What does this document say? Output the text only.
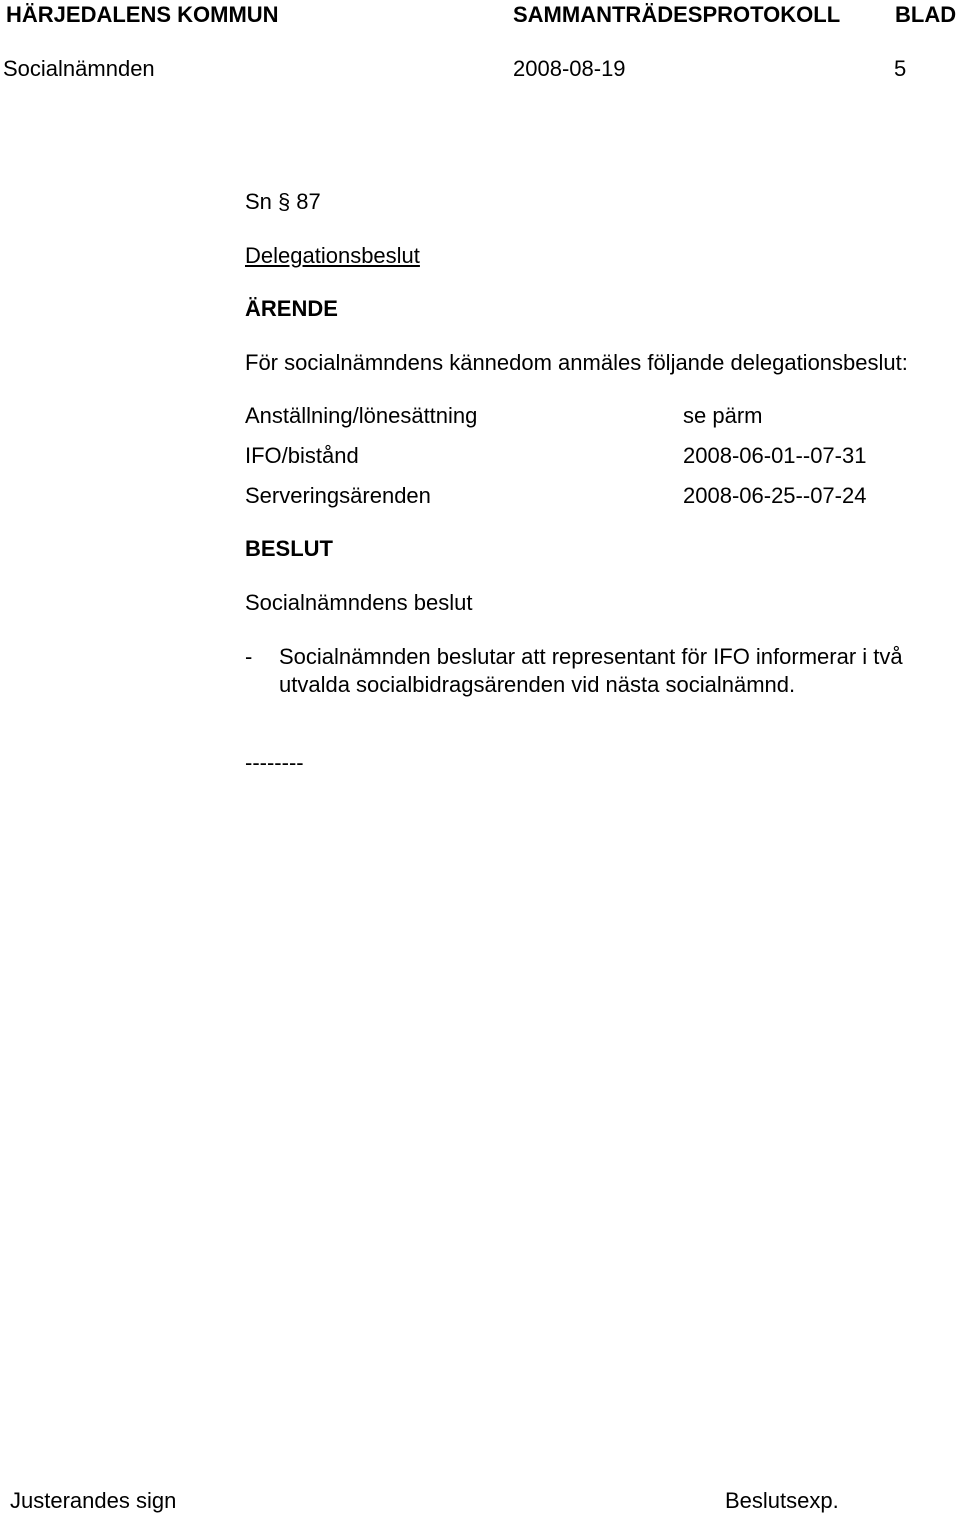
HÄRJEDALENS KOMMUN	SAMMANTRÄDESPROTOKOLL BLAD
Socialnämnden	2008-08-19	5
Sn § 87
Delegationsbeslut
ÄRENDE
För socialnämndens kännedom anmäles följande delegationsbeslut:
Anställning/lönesättning	se pärm
IFO/bistånd	2008-06-01--07-31
Serveringsärenden	2008-06-25--07-24
BESLUT
Socialnämndens beslut
- Socialnämnden beslutar att representant för IFO informerar i två
utvalda socialbidragsärenden vid nästa socialnämnd.
--------
Justerandes sign	Beslutsexp.
